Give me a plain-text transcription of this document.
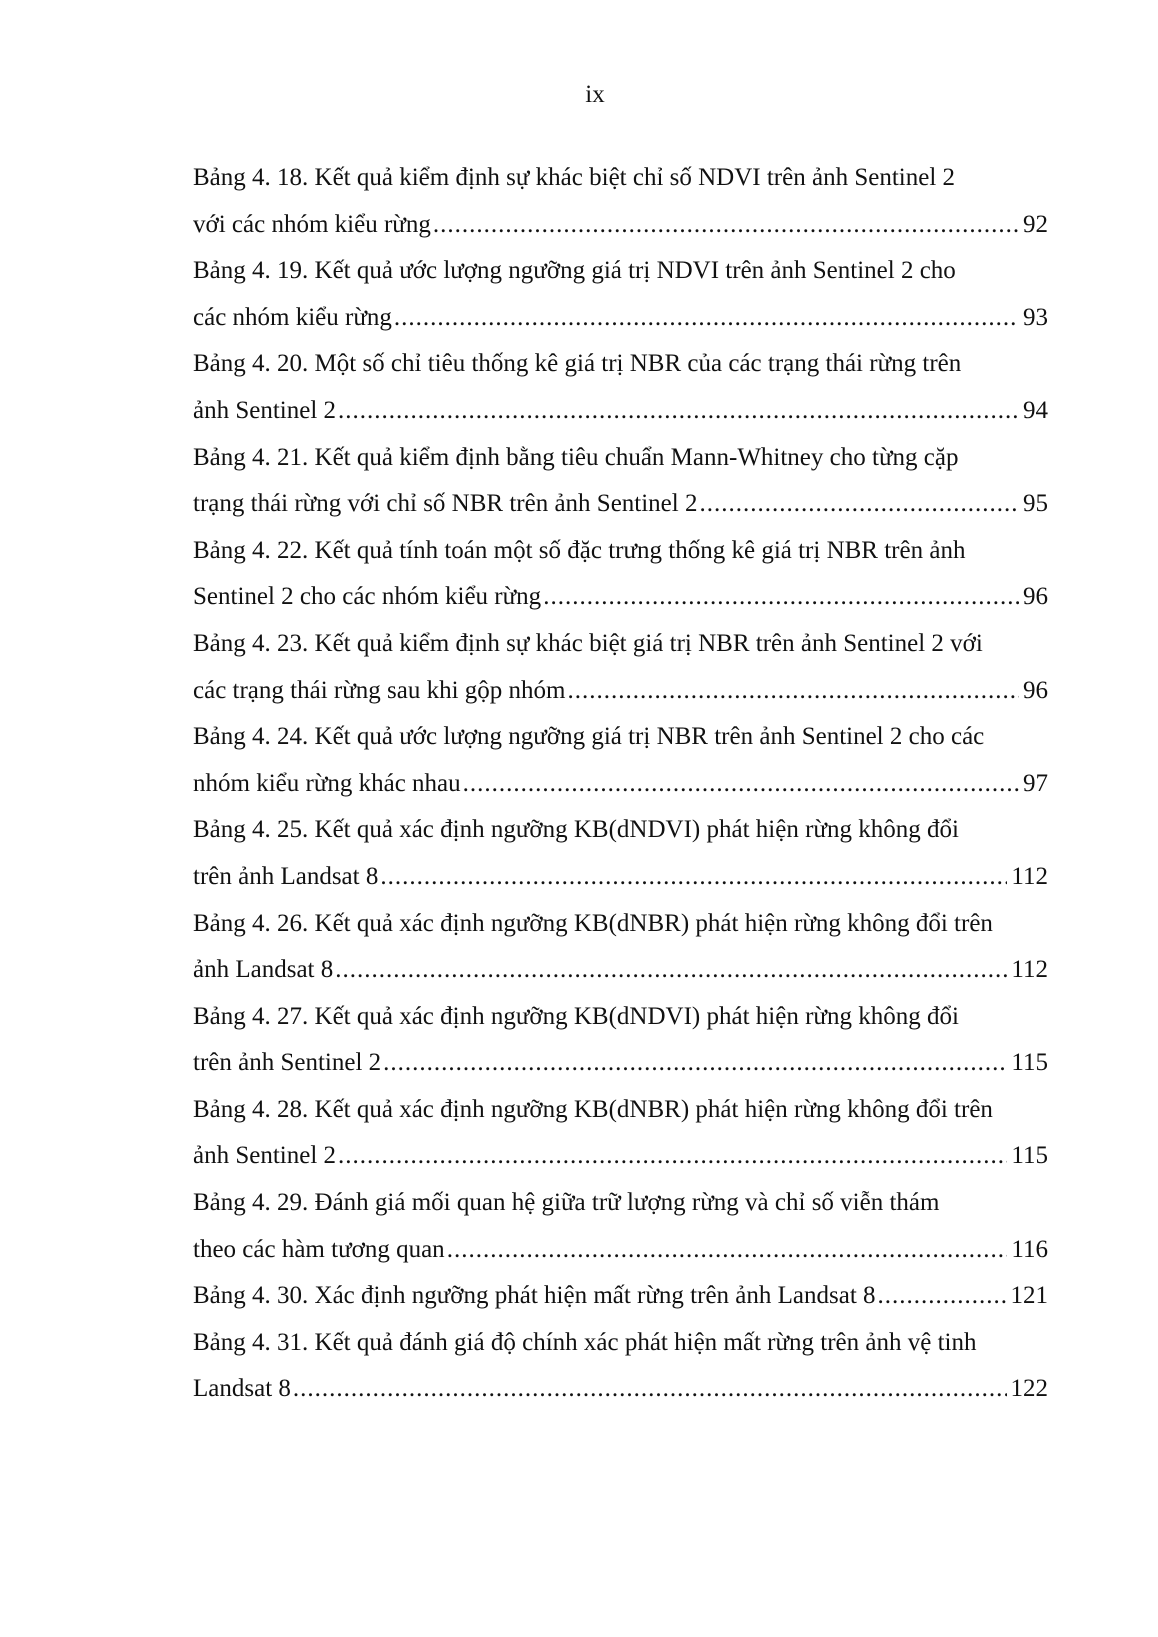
ix
Bảng 4. 18. Kết quả kiểm định sự khác biệt chỉ số NDVI trên ảnh Sentinel 2
với các nhóm kiểu rừng .....	92
Bảng 4. 19. Kết quả ước lượng ngưỡng giá trị NDVI trên ảnh Sentinel 2 cho
các nhóm kiểu rừng .....	93
Bảng 4. 20. Một số chỉ tiêu thống kê giá trị NBR của các trạng thái rừng trên
ảnh Sentinel 2 .....	94
Bảng 4. 21. Kết quả kiểm định bằng tiêu chuẩn Mann-Whitney cho từng cặp
trạng thái rừng với chỉ số NBR trên ảnh Sentinel 2 .....	95
Bảng 4. 22. Kết quả tính toán một số đặc trưng thống kê giá trị NBR trên ảnh
Sentinel 2 cho các nhóm kiểu rừng .....	96
Bảng 4. 23. Kết quả kiểm định sự khác biệt giá trị NBR trên ảnh Sentinel 2 với
các trạng thái rừng sau khi gộp nhóm .....	96
Bảng 4. 24. Kết quả ước lượng ngưỡng giá trị NBR trên ảnh Sentinel 2 cho các
nhóm kiểu rừng khác nhau .....	97
Bảng 4. 25. Kết quả xác định ngưỡng KB(dNDVI) phát hiện rừng không đổi
trên ảnh Landsat 8 .....	112
Bảng 4. 26. Kết quả xác định ngưỡng KB(dNBR) phát hiện rừng không đổi trên
ảnh Landsat 8 .....	112
Bảng 4. 27. Kết quả xác định ngưỡng KB(dNDVI) phát hiện rừng không đổi
trên ảnh Sentinel 2 .....	115
Bảng 4. 28. Kết quả xác định ngưỡng KB(dNBR) phát hiện rừng không đổi trên
ảnh Sentinel 2 .....	115
Bảng 4. 29. Đánh giá mối quan hệ giữa trữ lượng rừng và chỉ số viễn thám
theo các hàm tương quan .....	116
Bảng 4. 30. Xác định ngưỡng phát hiện mất rừng trên ảnh Landsat 8 .....	121
Bảng 4. 31. Kết quả đánh giá độ chính xác phát hiện mất rừng trên ảnh vệ tinh
Landsat 8 .....	122
